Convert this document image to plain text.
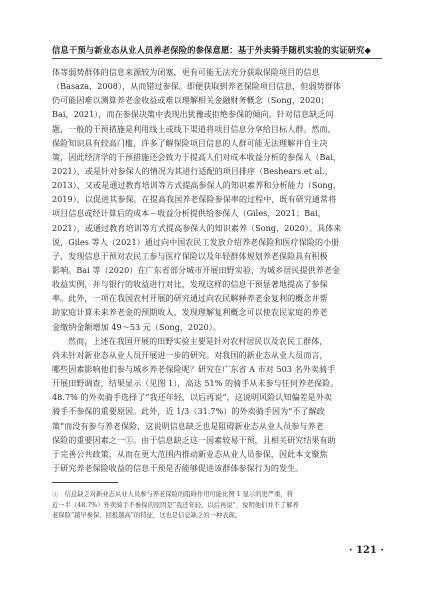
信息干预与新业态从业人员养老保险的参保意愿：基于外卖骑手随机实验的实证研究◆
体等弱势群体的信息来源较为闭塞，更有可能无法充分获取保险项目的信息
（Basaza，2008），从而错过参保。即便获取到养老保险项目信息，但弱势群体
仍可能因难以测算养老金收益或难以理解相关金融财务概念（Song，2020；
Bai，2021），而在参保决策中表现出犹豫或拒绝参保的倾向。针对信息缺乏问
题，一般的干预措施是利用线上或线下渠道将项目信息分享给目标人群。然而，
保险知识具有较高门槛，许多了解保险项目信息的人群可能无法理解并自主决
策，因此经济学的干预措施还会致力于提高人们对成本收益分析的参保人（Bai，
2021），或是针对参保人的情况为其进行适配的项目排序（Beshears et al.，
2013），又或是通过教育培训等方式提高参保人的知识素养和分析能力（Song，
2019），以促进其参保。在提高我国养老保险参保率的过程中，既有研究通常将
项目信息或经计算后的成本－收益分析提供给参保人（Giles，2021；Bai，
2021），或通过教育培训等方式提高参保人的知识素养（Song，2020）。具体来
说，Giles 等人（2021）通过向中国农民工发放介绍养老保险和医疗保险的小册
子，发现信息干预对农民工参与医疗保险以及年轻群体规划养老保险具有积极
影响。Bai 等（2020）在广东省部分城市开展田野实验，为城乡居民提供养老金
收益实例，并与银行的收益进行对比，发现这样的信息干预显著地提高了参保
率。此外，一项在我国农村开展的研究通过向农民解释养老金复利的概念并帮
助家庭计算未来养老金的预期收入，发现理解复利概念可以使农民家庭的养老
金缴纳金额增加 49～53 元（Song，2020）。
然而，上述在我国开展的田野实验主要是针对农村居民以及农民工群体，
尚未针对新业态从业人员开展进一步的研究。对我国的新业态从业人员而言，
哪些因素影响他们参与城乡养老保险呢？研究在广东省 A 市对 503 名外卖骑手
开展田野调查，结果显示（见图 1），高达 51% 的骑手从未参与任何养老保险。
48.7% 的外卖骑手选择了“我还年轻，以后再说”，这说明风险认知偏差是外卖
骑手不参保的重要原因。此外，近 1/3（31.7%）的外卖骑手因为“不了解政
策”而没有参与养老保险，这说明信息缺乏也是阻碍新业态从业人员参与养老
保险的重要因素之一①。由于信息缺乏这一因素较易干预，且相关研究结果有助
于完善公共政策，从而在更大范围内推动新业态从业人员参保，因此本文聚焦
于研究养老保险收益的信息干预是否能够促进该群体参保行为的发生。
①　信息缺乏对新业态从业人员参与养老保险的阻碍作用可能比图 1 显示的更严重，将
近一半（48.7%）外卖骑手不参保的原因是“我还年轻，以后再说”，说明他们并不了解养
老保险“越早参保，回报越高”的特征，这也是信息缺乏的一种表现。
· 121 ·
